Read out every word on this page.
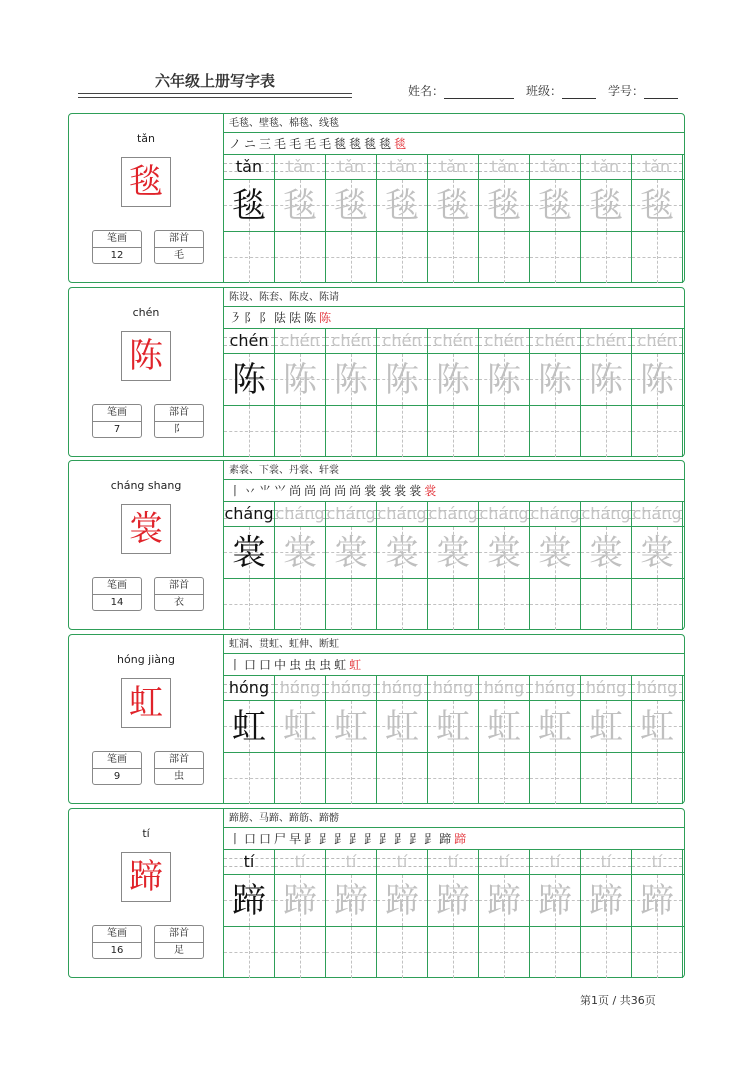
六年级上册写字表
姓名：	班级：	学号：
tǎn
毯
笔画
12
部首
毛
毛毯、壁毯、棉毯、线毯
ノ ニ 三 毛 毛 毛 毛 毯 毯 毯 毯 毯
tǎn
毯
tǎn
毯
tǎn
毯
tǎn
毯
tǎn
毯
tǎn
毯
tǎn
毯
tǎn
毯
tǎn
毯
chén
陈
笔画
7
部首
阝
陈设、陈套、陈皮、陈请
㇋ 阝 阝 阹 阹 陈 陈
chén
陈
chén
陈
chén
陈
chén
陈
chén
陈
chén
陈
chén
陈
chén
陈
chén
陈
cháng shang
裳
笔画
14
部首
衣
素裳、下裳、丹裳、轩裳
丨 丷 ⺌ ⺍ 尚 尚 尚 尚 尚 裳 裳 裳 裳 裳
cháng
裳
cháng
裳
cháng
裳
cháng
裳
cháng
裳
cháng
裳
cháng
裳
cháng
裳
cháng
裳
hóng jiàng
虹
笔画
9
部首
虫
虹洞、贯虹、虹伸、断虹
丨 口 口 中 虫 虫 虫 虹 虹
hóng
虹
hóng
虹
hóng
虹
hóng
虹
hóng
虹
hóng
虹
hóng
虹
hóng
虹
hóng
虹
tí
蹄
笔画
16
部首
足
蹄膀、马蹄、蹄筋、蹄髈
丨 口 口 尸 早 𧾷 𧾷 𧾷 𧾷 𧾷 𧾷 𧾷 𧾷 𧾷 蹄 蹄
tí
蹄
tí
蹄
tí
蹄
tí
蹄
tí
蹄
tí
蹄
tí
蹄
tí
蹄
tí
蹄
第1页 / 共36页
